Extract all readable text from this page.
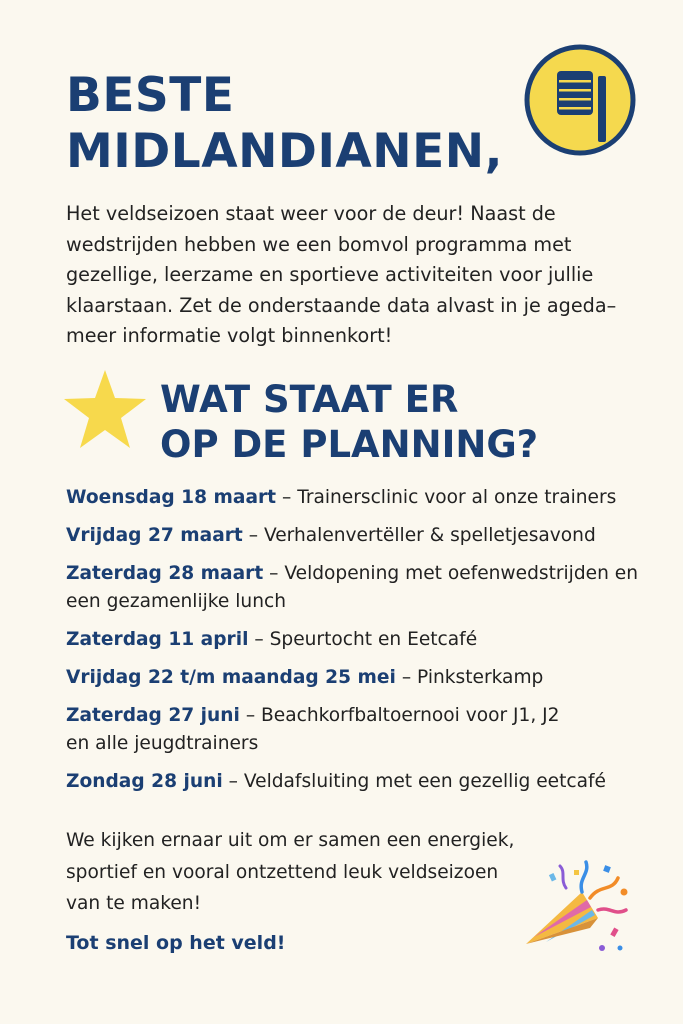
BESTE
MIDLANDIANEN,

Het veldseizoen staat weer voor de deur! Naast de wedstrijden hebben we een bomvol programma met gezellige, leerzame en sportieve activiteiten voor jullie klaarstaan. Zet de onderstaande data alvast in je ageda– meer informatie volgt binnenkort!

WAT STAAT ER
OP DE PLANNING?
Woensdag 18 maart – Trainersclinic voor al onze trainers
Vrijdag 27 maart – Verhalenvertëller & spelletjesavond
Zaterdag 28 maart – Veldopening met oefenwedstrijden en een gezamenlijke lunch
Zaterdag 11 april – Speurtocht en Eetcafé
Vrijdag 22 t/m maandag 25 mei – Pinksterkamp
Zaterdag 27 juni – Beachkorfbaltoernooi voor J1, J2 en alle jeugdtrainers
Zondag 28 juni – Veldafsluiting met een gezellig eetcafé

We kijken ernaar uit om er samen een energiek, sportief en vooral ontzettend leuk veldseizoen van te maken!

Tot snel op het veld!
